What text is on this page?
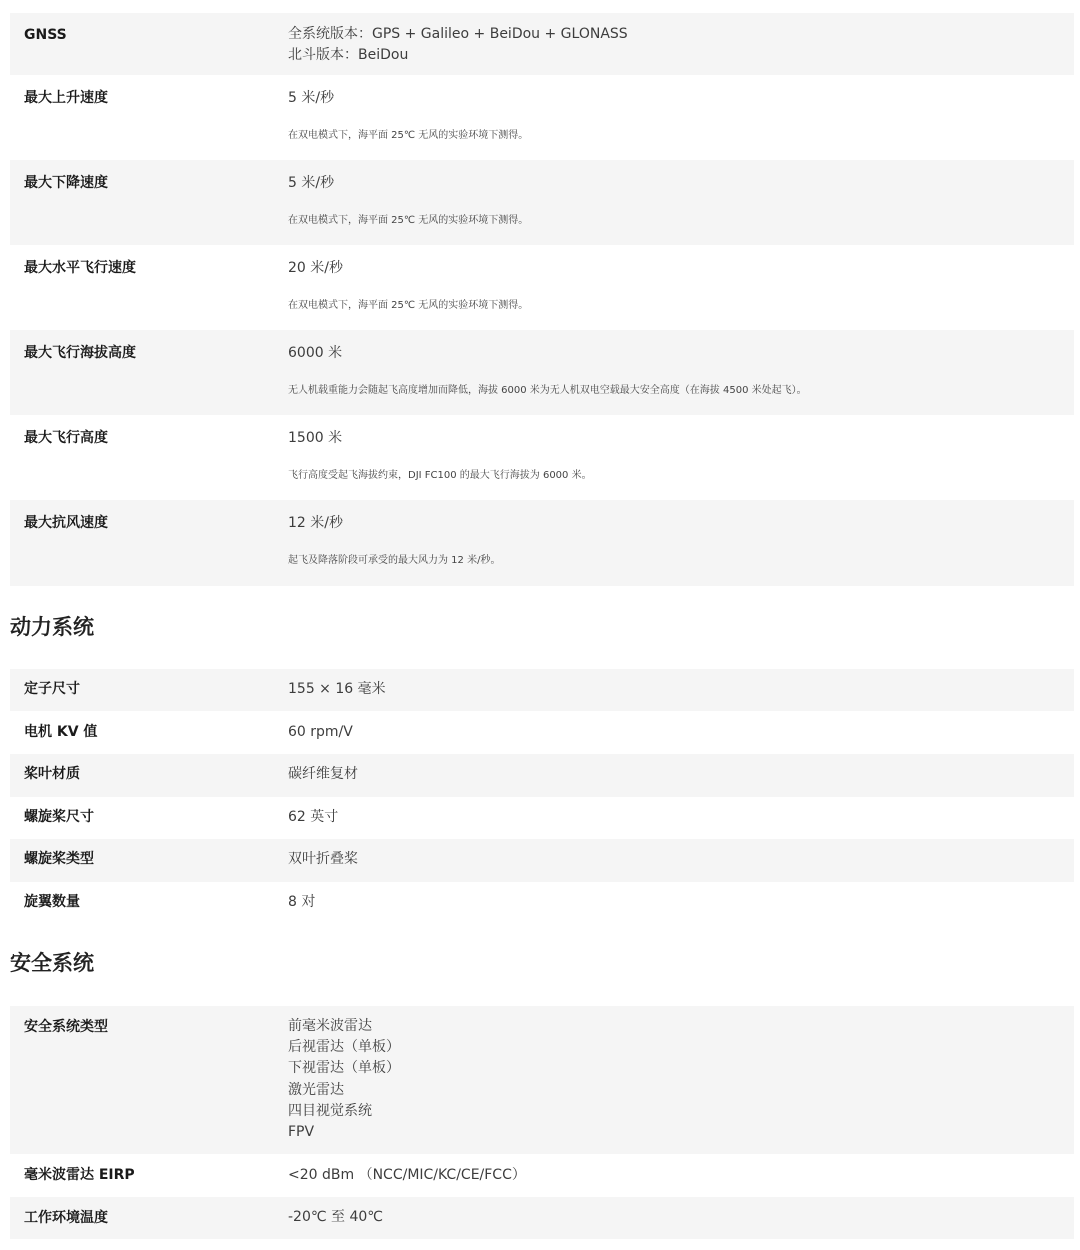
GNSS	全系统版本：GPS + Galileo + BeiDou + GLONASS
北斗版本：BeiDou
最大上升速度	5 米/秒
在双电模式下，海平面 25℃ 无风的实验环境下测得。
最大下降速度	5 米/秒
在双电模式下，海平面 25℃ 无风的实验环境下测得。
最大水平飞行速度	20 米/秒
在双电模式下，海平面 25℃ 无风的实验环境下测得。
最大飞行海拔高度	6000 米
无人机载重能力会随起飞高度增加而降低，海拔 6000 米为无人机双电空载最大安全高度（在海拔 4500 米处起飞）。
最大飞行高度	1500 米
飞行高度受起飞海拔约束，DJI FC100 的最大飞行海拔为 6000 米。
最大抗风速度	12 米/秒
起飞及降落阶段可承受的最大风力为 12 米/秒。
动力系统
定子尺寸	155 × 16 毫米
电机 KV 值	60 rpm/V
桨叶材质	碳纤维复材
螺旋桨尺寸	62 英寸
螺旋桨类型	双叶折叠桨
旋翼数量	8 对
安全系统
安全系统类型	前毫米波雷达
后视雷达（单板）
下视雷达（单板）
激光雷达
四目视觉系统
FPV
毫米波雷达 EIRP	<20 dBm （NCC/MIC/KC/CE/FCC）
工作环境温度	-20℃ 至 40℃
